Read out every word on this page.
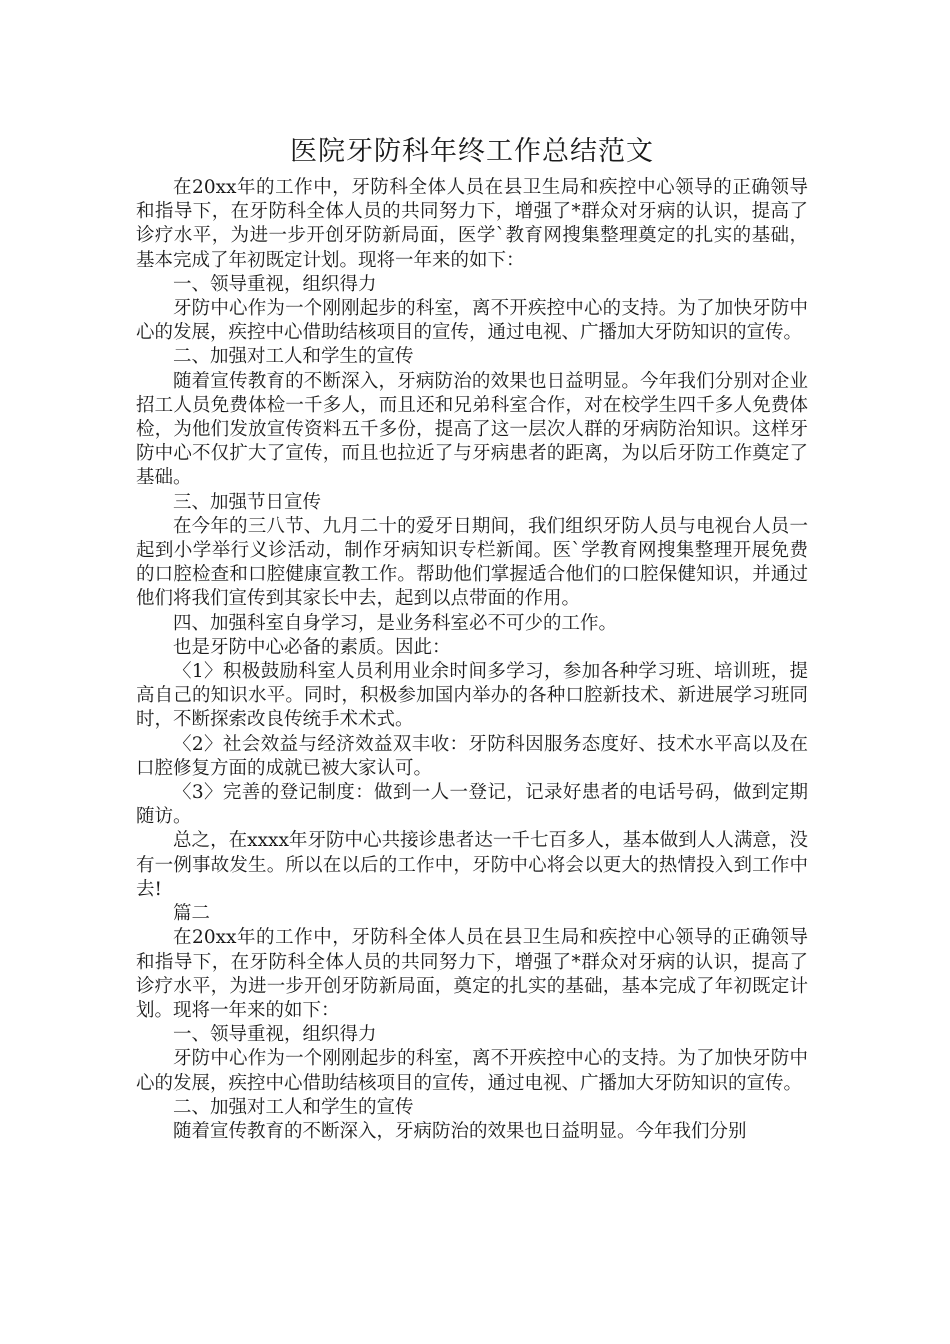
医院牙防科年终工作总结范文

在20xx年的工作中，牙防科全体人员在县卫生局和疾控中心领导的正确领导和指导下，在牙防科全体人员的共同努力下，增强了*群众对牙病的认识，提高了诊疗水平，为进一步开创牙防新局面，医学`教育网搜集整理奠定的扎实的基础，基本完成了年初既定计划。现将一年来的如下：

一、领导重视，组织得力

牙防中心作为一个刚刚起步的科室，离不开疾控中心的支持。为了加快牙防中心的发展，疾控中心借助结核项目的宣传，通过电视、广播加大牙防知识的宣传。

二、加强对工人和学生的宣传

随着宣传教育的不断深入，牙病防治的效果也日益明显。今年我们分别对企业招工人员免费体检一千多人，而且还和兄弟科室合作，对在校学生四千多人免费体检，为他们发放宣传资料五千多份，提高了这一层次人群的牙病防治知识。这样牙防中心不仅扩大了宣传，而且也拉近了与牙病患者的距离，为以后牙防工作奠定了基础。

三、加强节日宣传

在今年的三八节、九月二十的爱牙日期间，我们组织牙防人员与电视台人员一起到小学举行义诊活动，制作牙病知识专栏新闻。医`学教育网搜集整理开展免费的口腔检查和口腔健康宣教工作。帮助他们掌握适合他们的口腔保健知识，并通过他们将我们宣传到其家长中去，起到以点带面的作用。

四、加强科室自身学习，是业务科室必不可少的工作。

也是牙防中心必备的素质。因此：

〈1〉积极鼓励科室人员利用业余时间多学习，参加各种学习班、培训班，提高自己的知识水平。同时，积极参加国内举办的各种口腔新技术、新进展学习班同时，不断探索改良传统手术术式。

〈2〉社会效益与经济效益双丰收：牙防科因服务态度好、技术水平高以及在口腔修复方面的成就已被大家认可。

〈3〉完善的登记制度：做到一人一登记，记录好患者的电话号码，做到定期随访。

总之，在xxxx年牙防中心共接诊患者达一千七百多人，基本做到人人满意，没有一例事故发生。所以在以后的工作中，牙防中心将会以更大的热情投入到工作中去!

篇二

在20xx年的工作中，牙防科全体人员在县卫生局和疾控中心领导的正确领导和指导下，在牙防科全体人员的共同努力下，增强了*群众对牙病的认识，提高了诊疗水平，为进一步开创牙防新局面，奠定的扎实的基础，基本完成了年初既定计划。现将一年来的如下：

一、领导重视，组织得力

牙防中心作为一个刚刚起步的科室，离不开疾控中心的支持。为了加快牙防中心的发展，疾控中心借助结核项目的宣传，通过电视、广播加大牙防知识的宣传。

二、加强对工人和学生的宣传

随着宣传教育的不断深入，牙病防治的效果也日益明显。今年我们分别
